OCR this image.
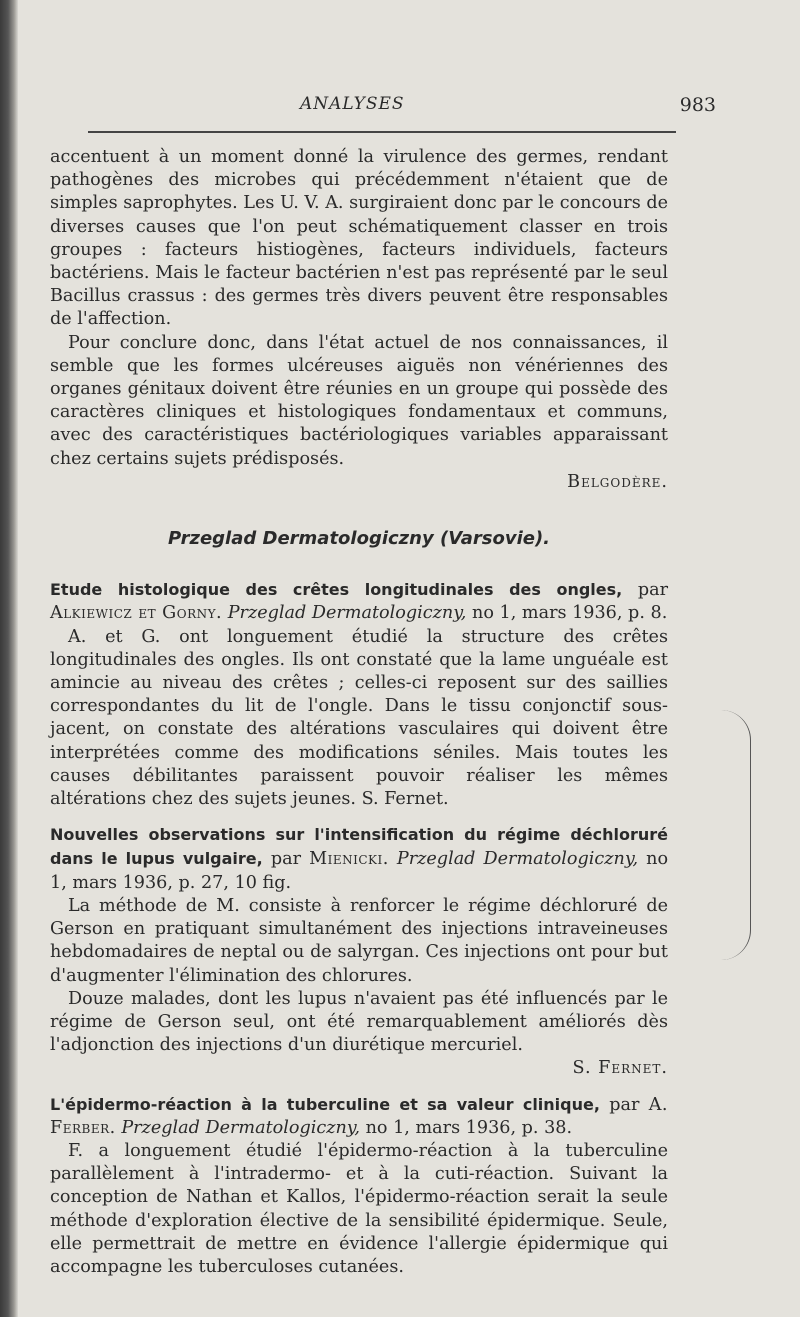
ANALYSES	983

accentuent à un moment donné la virulence des germes, rendant pathogènes des microbes qui précédemment n'étaient que de simples saprophytes. Les U. V. A. surgiraient donc par le concours de diverses causes que l'on peut schématiquement classer en trois groupes : facteurs histiogènes, facteurs individuels, facteurs bactériens. Mais le facteur bactérien n'est pas représenté par le seul Bacillus crassus : des germes très divers peuvent être responsables de l'affection.

Pour conclure donc, dans l'état actuel de nos connaissances, il semble que les formes ulcéreuses aiguës non vénériennes des organes génitaux doivent être réunies en un groupe qui possède des caractères cliniques et histologiques fondamentaux et communs, avec des caractéristiques bactériologiques variables apparaissant chez certains sujets prédisposés.

Belgodère.

Przeglad Dermatologiczny (Varsovie).

Etude histologique des crêtes longitudinales des ongles, par Alkiewicz et Gorny. Przeglad Dermatologiczny, no 1, mars 1936, p. 8.

A. et G. ont longuement étudié la structure des crêtes longitudinales des ongles. Ils ont constaté que la lame unguéale est amincie au niveau des crêtes ; celles-ci reposent sur des saillies correspondantes du lit de l'ongle. Dans le tissu conjonctif sous-jacent, on constate des altérations vasculaires qui doivent être interprétées comme des modifications séniles. Mais toutes les causes débilitantes paraissent pouvoir réaliser les mêmes altérations chez des sujets jeunes. S. Fernet.

Nouvelles observations sur l'intensification du régime déchloruré dans le lupus vulgaire, par Mienicki. Przeglad Dermatologiczny, no 1, mars 1936, p. 27, 10 fig.

La méthode de M. consiste à renforcer le régime déchloruré de Gerson en pratiquant simultanément des injections intraveineuses hebdomadaires de neptal ou de salyrgan. Ces injections ont pour but d'augmenter l'élimination des chlorures.

Douze malades, dont les lupus n'avaient pas été influencés par le régime de Gerson seul, ont été remarquablement améliorés dès l'adjonction des injections d'un diurétique mercuriel.

S. Fernet.

L'épidermo-réaction à la tuberculine et sa valeur clinique, par A. Ferber. Przeglad Dermatologiczny, no 1, mars 1936, p. 38.

F. a longuement étudié l'épidermo-réaction à la tuberculine parallèlement à l'intradermo- et à la cuti-réaction. Suivant la conception de Nathan et Kallos, l'épidermo-réaction serait la seule méthode d'exploration élective de la sensibilité épidermique. Seule, elle permettrait de mettre en évidence l'allergie épidermique qui accompagne les tuberculoses cutanées.
